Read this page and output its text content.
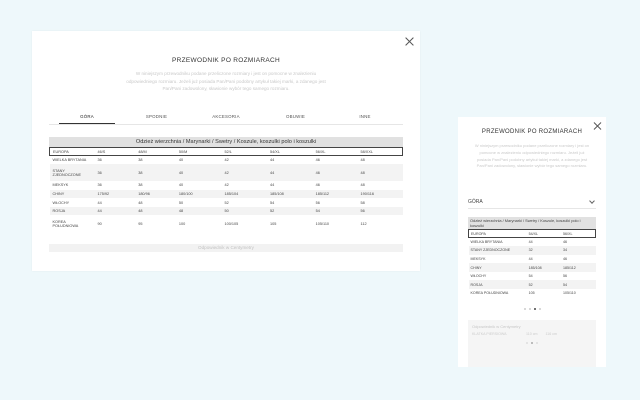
PRZEWODNIK PO ROZMIARACH
W niniejszym przewodniku podane przeliczone rozmiary i jest on pomocne w znalezieniu odpowiedniego rozmiaru. Jeżeli już posiada Pan/Pani podobny artykuł takiej marki, a zdanego jest Pan/Pani zadowolony, sławionie wybór tego samego rozmiaru.
GÓRA	SPODNIE	AKCESORIA	OBUWIE	INNE
Odzież wierzchnia / Marynarki / Swetry / Koszule, koszulki polo i koszulki
EUROPA	46/S	48/M	50/M	52/L	54/XL	56/XL	58/XXL
WIELKA BRYTANIA	36	38	40	42	44	46	48
STANY ZJEDNOCZONE	36	38	40	42	44	46	48
MEKSYK	36	38	40	42	44	46	48
CHINY	175/92	180/96	180/100	185/104	185/108	185/112	190/116
WŁOCHY	44	48	50	52	54	56	58
ROSJA	44	48	48	50	52	54	56
KOREA POŁUDNIOWA	90	95	100	100/105	105	105/110	112
Odpowiednik w Centymetry
PRZEWODNIK PO ROZMIARACH
W niniejszym przewodniku podane przeliczone rozmiary i jest on pomocne w znalezieniu odpowiedniego rozmiaru. Jeżeli już posiada Pan/Pani podobny artykuł takiej marki, a zdanego jest Pan/Pani zadowolony, sławionie wybór tego samego rozmiaru.
GÓRA
Odzież wierzchnia / Marynarki / Swetry / Koszule, koszulki polo i koszulki
EUROPA	54/XL	56/XL
WIELKA BRYTANIA	44	46
STANY ZJEDNOCZONE	32	34
MEKSYK	44	46
CHINY	185/108	185/112
WŁOCHY	54	56
ROSJA	52	54
KOREA POŁUDNIOWA	105	105/110
Odpowiednik w Centymetry
KLATKA PIERSIOWA	110 cm 116 cm
